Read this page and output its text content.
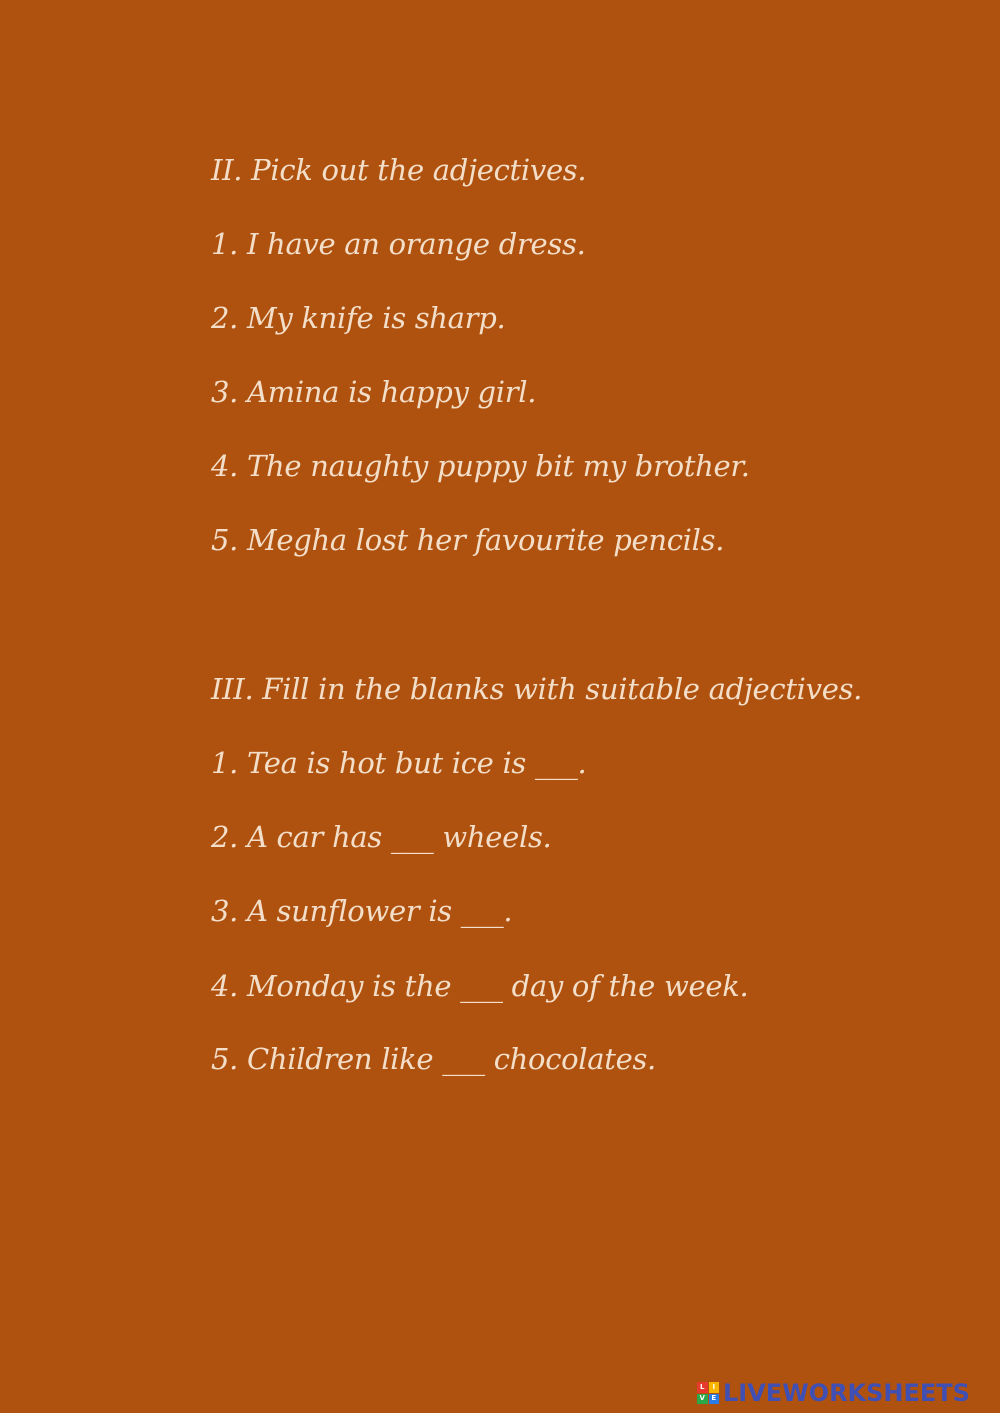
II. Pick out the adjectives.
1. I have an orange dress.
2. My knife is sharp.
3. Amina is happy girl.
4. The naughty puppy bit my brother.
5. Megha lost her favourite pencils.
III. Fill in the blanks with suitable adjectives.
1. Tea is hot but ice is ___.
2. A car has ___ wheels.
3. A sunflower is ___.
4. Monday is the ___ day of the week.
5. Children like ___ chocolates.
L	I
V E LIVEWORKSHEETS
